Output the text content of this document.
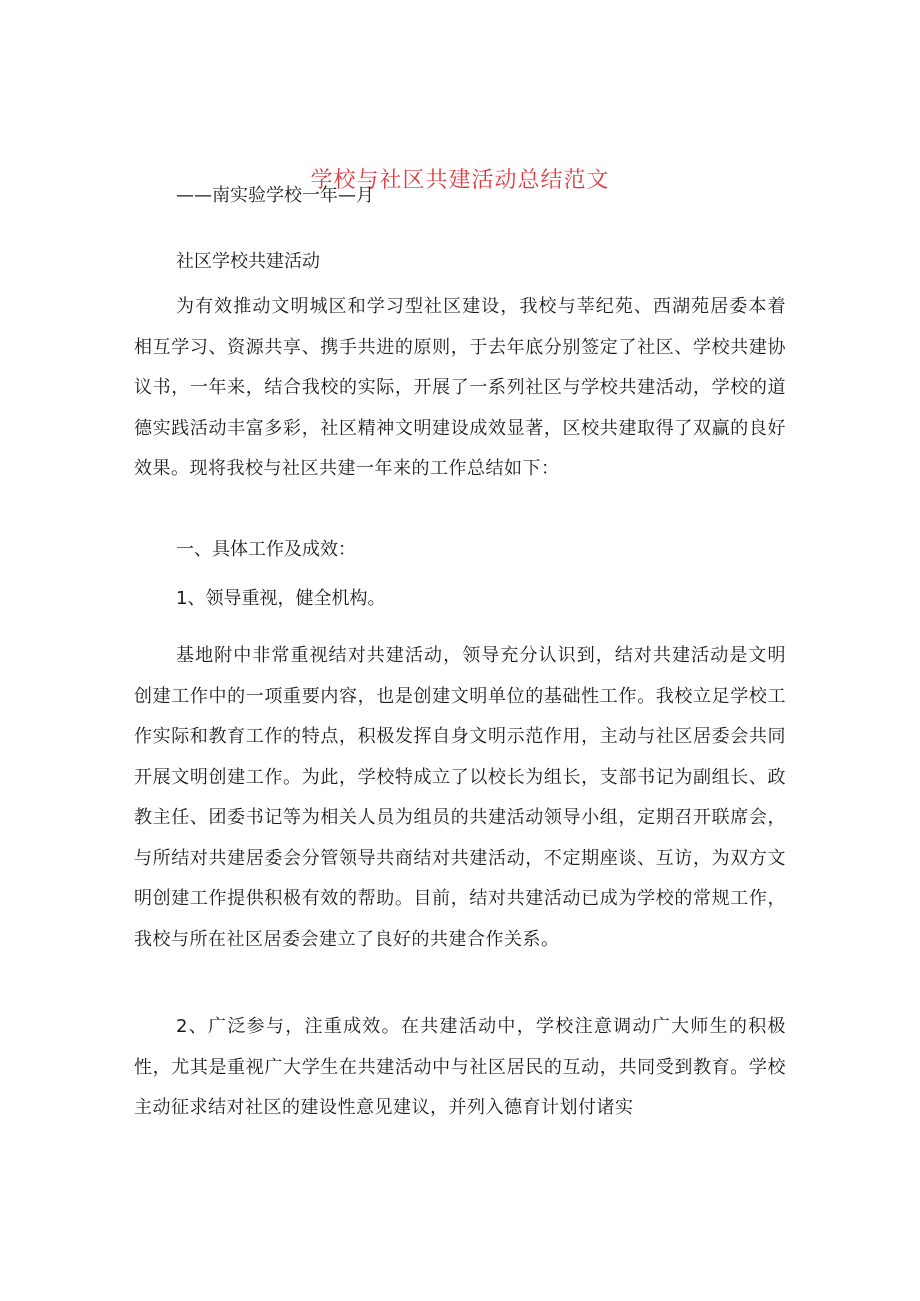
学校与社区共建活动总结范文
——南实验学校一年—月
社区学校共建活动
为有效推动文明城区和学习型社区建设，我校与莘纪苑、西湖苑居委本着相互学习、资源共享、携手共进的原则，于去年底分别签定了社区、学校共建协议书，一年来，结合我校的实际，开展了一系列社区与学校共建活动，学校的道德实践活动丰富多彩，社区精神文明建设成效显著，区校共建取得了双赢的良好效果。现将我校与社区共建一年来的工作总结如下：
一、具体工作及成效：
1、领导重视，健全机构。
基地附中非常重视结对共建活动，领导充分认识到，结对共建活动是文明创建工作中的一项重要内容，也是创建文明单位的基础性工作。我校立足学校工作实际和教育工作的特点，积极发挥自身文明示范作用，主动与社区居委会共同开展文明创建工作。为此，学校特成立了以校长为组长，支部书记为副组长、政教主任、团委书记等为相关人员为组员的共建活动领导小组，定期召开联席会，与所结对共建居委会分管领导共商结对共建活动，不定期座谈、互访，为双方文明创建工作提供积极有效的帮助。目前，结对共建活动已成为学校的常规工作，我校与所在社区居委会建立了良好的共建合作关系。
2、广泛参与，注重成效。在共建活动中，学校注意调动广大师生的积极性，尤其是重视广大学生在共建活动中与社区居民的互动，共同受到教育。学校主动征求结对社区的建设性意见建议，并列入德育计划付诸实
